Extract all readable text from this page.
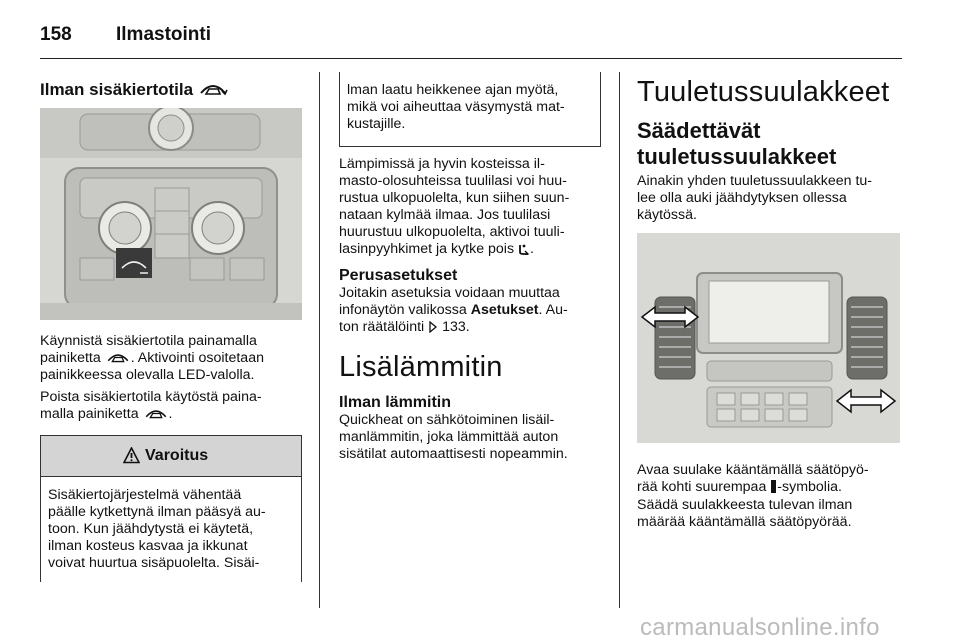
158 Ilmastointi
Ilman sisäkiertotila

Käynnistä sisäkiertotila painamalla
painiketta . Aktivointi osoitetaan
painikkeessa olevalla LED-valolla.

Poista sisäkiertotila käytöstä paina-
malla painiketta .

Varoitus

Sisäkiertojärjestelmä vähentää
päälle kytkettynä ilman pääsyä au-
toon. Kun jäähdytystä ei käytetä,
ilman kosteus kasvaa ja ikkunat
voivat huurtua sisäpuolelta. Sisäi-

lman laatu heikkenee ajan myötä,
mikä voi aiheuttaa väsymystä mat-
kustajille.

Lämpimissä ja hyvin kosteissa il-
masto-olosuhteissa tuulilasi voi huu-
rustua ulkopuolelta, kun siihen suun-
nataan kylmää ilmaa. Jos tuulilasi
huurustuu ulkopuolelta, aktivoi tuuli-
lasinpyyhkimet ja kytke pois .

Perusasetukset

Joitakin asetuksia voidaan muuttaa
infonäytön valikossa Asetukset. Au-
ton räätälöinti 133.

Lisälämmitin
Ilman lämmitin

Quickheat on sähkötoiminen lisäil-
manlämmitin, joka lämmittää auton
sisätilat automaattisesti nopeammin.

Tuuletussuulakkeet
Säädettävät
tuuletussuulakkeet

Ainakin yhden tuuletussuulakkeen tu-
lee olla auki jäähdytyksen ollessa
käytössä.

Avaa suulake kääntämällä säätöpyö-
rää kohti suurempaa -symbolia.

Säädä suulakkeesta tulevan ilman
määrää kääntämällä säätöpyörää.

carmanualsonline.info
